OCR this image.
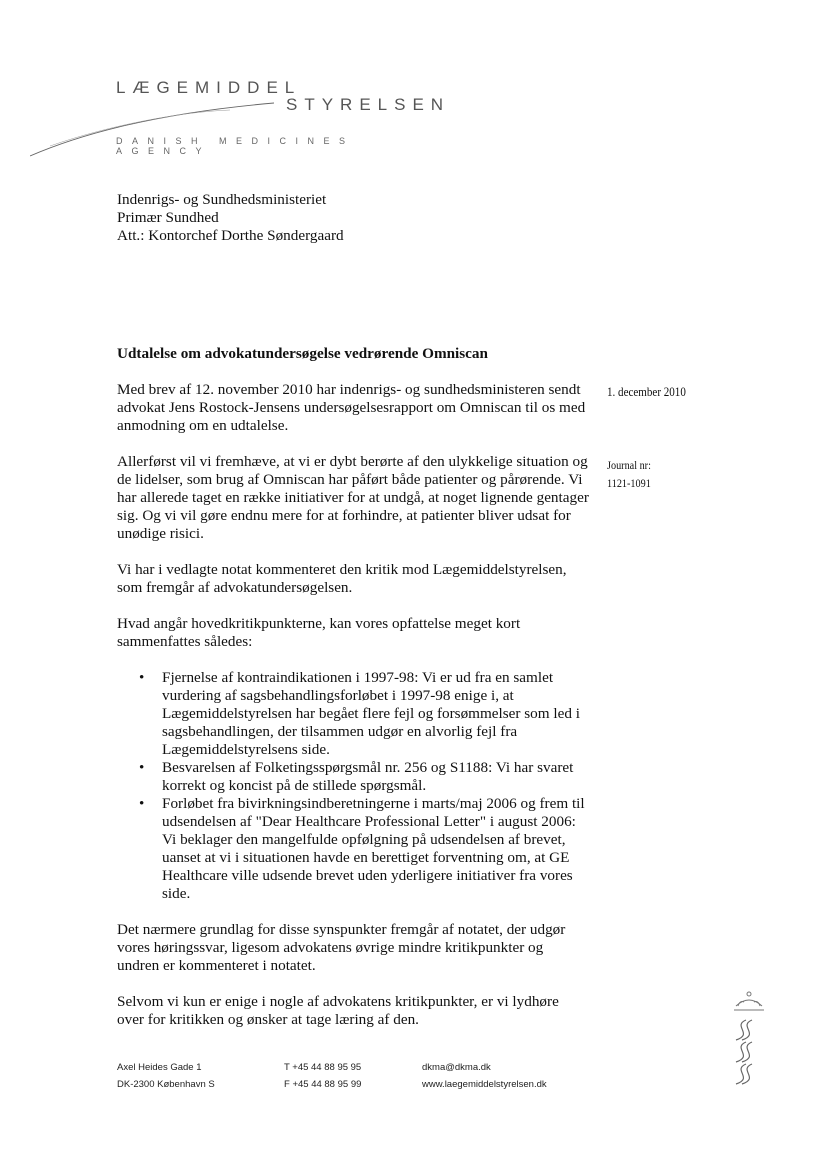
LÆGEMIDDEL
STYRELSEN
DANISH MEDICINES AGENCY
Indenrigs- og Sundhedsministeriet
Primær Sundhed
Att.: Kontorchef Dorthe Søndergaard
Udtalelse om advokatundersøgelse vedrørende Omniscan

Med brev af 12. november 2010 har indenrigs- og sundhedsministeren sendt advokat Jens Rostock-Jensens undersøgelsesrapport om Omniscan til os med anmodning om en udtalelse.

Allerførst vil vi fremhæve, at vi er dybt berørte af den ulykkelige situation og de lidelser, som brug af Omniscan har påført både patienter og pårørende. Vi har allerede taget en række initiativer for at undgå, at noget lignende gentager sig. Og vi vil gøre endnu mere for at forhindre, at patienter bliver udsat for unødige risici.

Vi har i vedlagte notat kommenteret den kritik mod Lægemiddelstyrelsen, som fremgår af advokatundersøgelsen.

Hvad angår hovedkritikpunkterne, kan vores opfattelse meget kort sammenfattes således:

• Fjernelse af kontraindikationen i 1997-98: Vi er ud fra en samlet vurdering af sagsbehandlingsforløbet i 1997-98 enige i, at Lægemiddelstyrelsen har begået flere fejl og forsømmelser som led i sagsbehandlingen, der tilsammen udgør en alvorlig fejl fra Lægemiddelstyrelsens side.
• Besvarelsen af Folketingsspørgsmål nr. 256 og S1188: Vi har svaret korrekt og koncist på de stillede spørgsmål.
• Forløbet fra bivirkningsindberetningerne i marts/maj 2006 og frem til udsendelsen af "Dear Healthcare Professional Letter" i august 2006: Vi beklager den mangelfulde opfølgning på udsendelsen af brevet, uanset at vi i situationen havde en berettiget forventning om, at GE Healthcare ville udsende brevet uden yderligere initiativer fra vores side.

Det nærmere grundlag for disse synspunkter fremgår af notatet, der udgør vores høringssvar, ligesom advokatens øvrige mindre kritikpunkter og undren er kommenteret i notatet.

Selvom vi kun er enige i nogle af advokatens kritikpunkter, er vi lydhøre over for kritikken og ønsker at tage læring af den.

1. december 2010
Journal nr:
1121-1091
Axel Heides Gade 1
DK-2300 København S
T +45 44 88 95 95
F +45 44 88 95 99
dkma@dkma.dk
www.laegemiddelstyrelsen.dk
